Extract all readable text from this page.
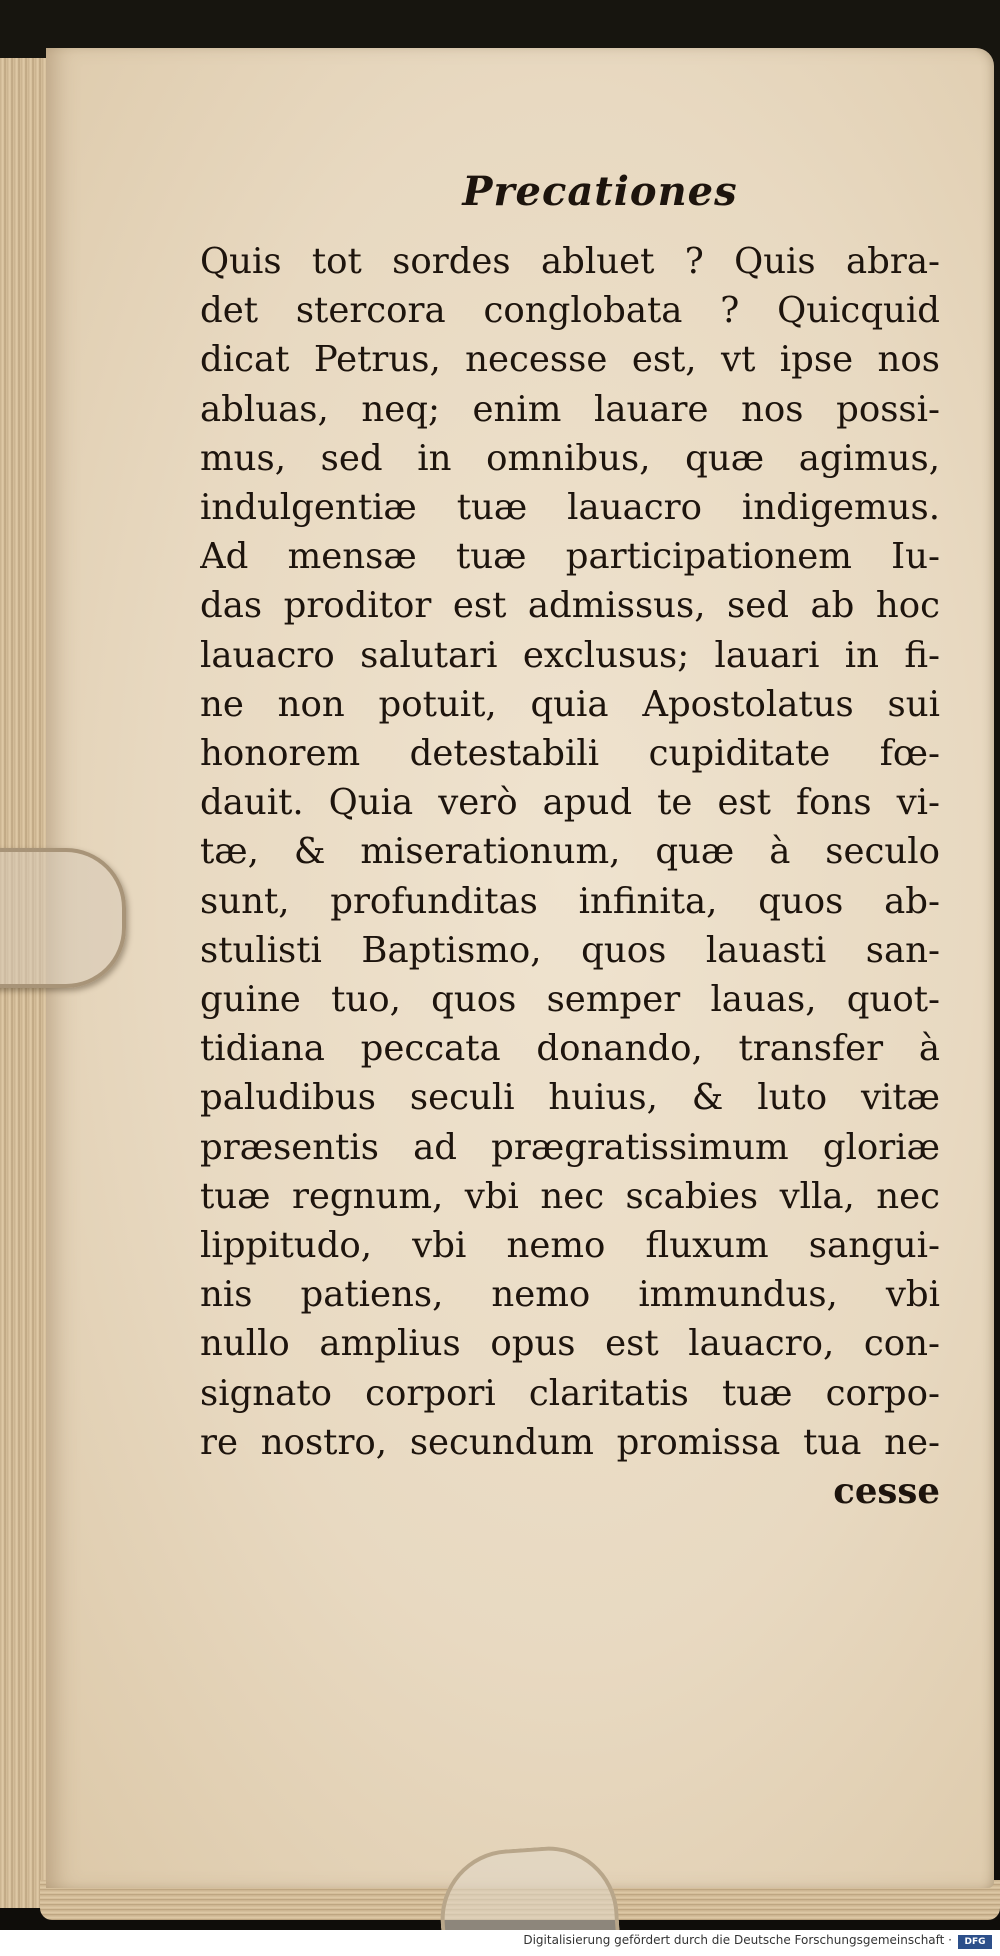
Precationes

Quis tot sordes abluet ? Quis abra-

det stercora conglobata ? Quicquid

dicat Petrus, necesse est, vt ipse nos

abluas, neq; enim lauare nos possi-

mus, sed in omnibus, quæ agimus,

indulgentiæ tuæ lauacro indigemus.

Ad mensæ tuæ participationem Iu-

das proditor est admissus, sed ab hoc

lauacro salutari exclusus; lauari in fi-

ne non potuit, quia Apostolatus sui

honorem detestabili cupiditate fœ-

dauit. Quia verò apud te est fons vi-

tæ, & miserationum, quæ à seculo

sunt, profunditas infinita, quos ab-

stulisti Baptismo, quos lauasti san-

guine tuo, quos semper lauas, quot-

tidiana peccata donando, transfer à

paludibus seculi huius, & luto vitæ

præsentis ad prægratissimum gloriæ

tuæ regnum, vbi nec scabies vlla, nec

lippitudo, vbi nemo fluxum sangui-

nis patiens, nemo immundus, vbi

nullo amplius opus est lauacro, con-

signato corpori claritatis tuæ corpo-

re nostro, secundum promissa tua ne-

cesse
Digitalisierung gefördert durch die Deutsche Forschungsgemeinschaft ·	DFG
